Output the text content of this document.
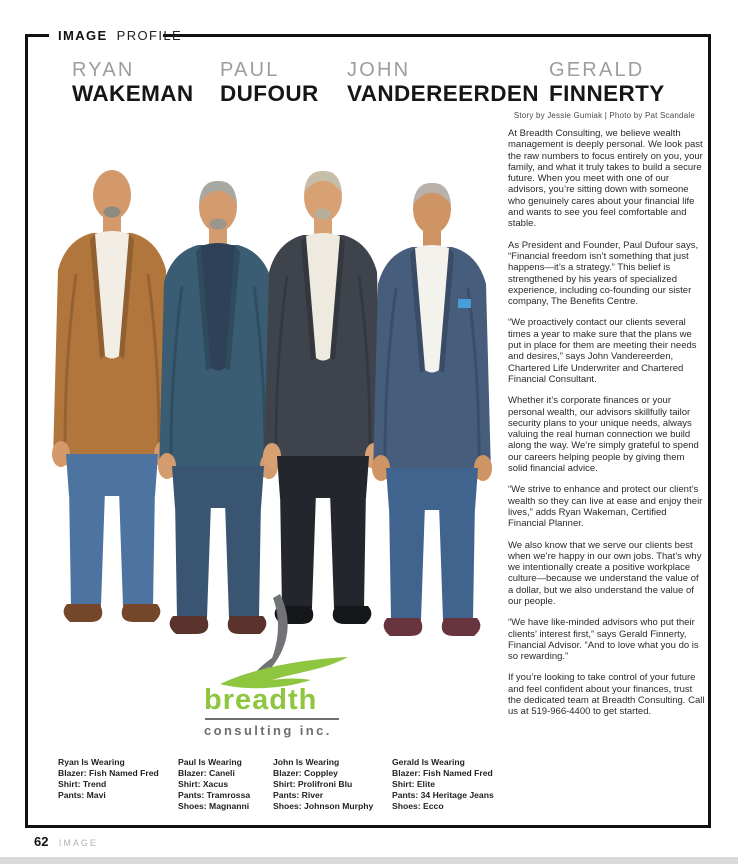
IMAGE PROFILE
RYAN
WAKEMAN
PAUL
DUFOUR
JOHN
VANDEREERDEN
GERALD
FINNERTY
Story by Jessie Gumiak | Photo by Pat Scandale

At Breadth Consulting, we believe wealth management is deeply personal. We look past the raw numbers to focus entirely on you, your family, and what it truly takes to build a secure future. When you meet with one of our advisors, you’re sitting down with someone who genuinely cares about your financial life and wants to see you feel comfortable and stable.

As President and Founder, Paul Dufour says, “Financial freedom isn’t something that just happens—it’s a strategy.” This belief is strengthened by his years of specialized experience, including co-founding our sister company, The Benefits Centre.

“We proactively contact our clients several times a year to make sure that the plans we put in place for them are meeting their needs and desires,” says John Vandereerden, Chartered Life Underwriter and Chartered Financial Consultant.

Whether it’s corporate finances or your personal wealth, our advisors skillfully tailor security plans to your unique needs, always valuing the real human connection we build along the way. We’re simply grateful to spend our careers helping people by giving them solid financial advice.

“We strive to enhance and protect our client’s wealth so they can live at ease and enjoy their lives,” adds Ryan Wakeman, Certified Financial Planner.

We also know that we serve our clients best when we’re happy in our own jobs. That’s why we intentionally create a positive workplace culture—because we understand the value of a dollar, but we also understand the value of our people.

“We have like-minded advisors who put their clients’ interest first,” says Gerald Finnerty, Financial Advisor. “And to love what you do is so rewarding.”

If you’re looking to take control of your future and feel confident about your finances, trust the dedicated team at Breadth Consulting. Call us at 519-966-4400 to get started.

breadth
consulting inc.
Ryan Is Wearing
Blazer: Fish Named Fred
Shirt: Trend
Pants: Mavi
Paul Is Wearing
Blazer: Caneli
Shirt: Xacus
Pants: Tramrossa
Shoes: Magnanni
John Is Wearing
Blazer: Coppley
Shirt: Prolifroni Blu
Pants: River
Shoes: Johnson Murphy
Gerald Is Wearing
Blazer: Fish Named Fred
Shirt: Elite
Pants: 34 Heritage Jeans
Shoes: Ecco
62 IMAGE
